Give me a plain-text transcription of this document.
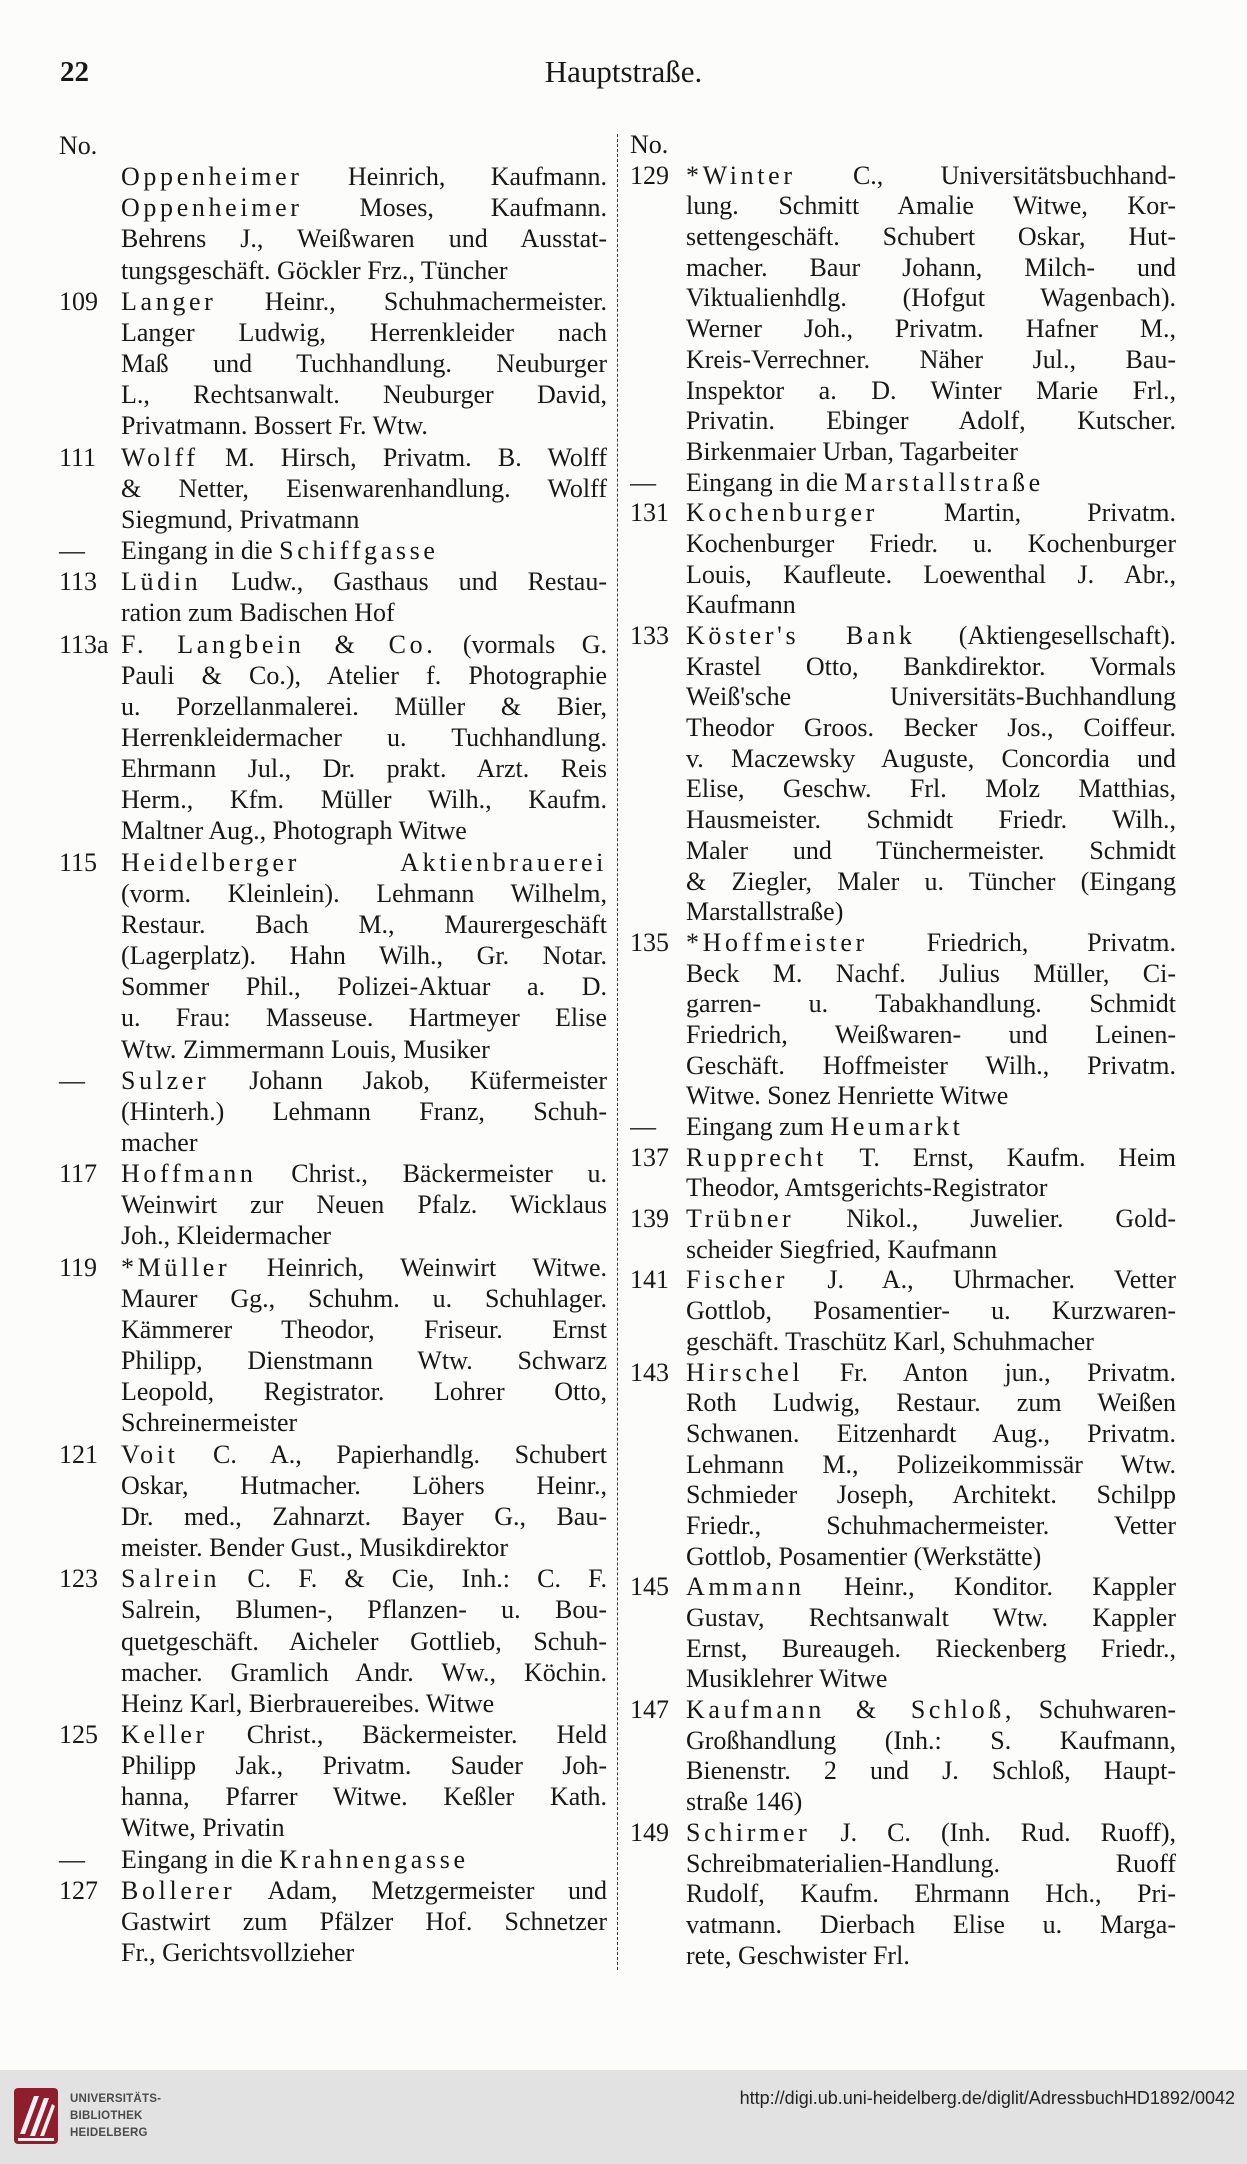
22	Hauptstraße.
No.
Oppenheimer Heinrich, Kaufmann.
Oppenheimer Moses, Kaufmann.
Behrens J., Weißwaren und Ausstat-
tungsgeschäft. Göckler Frz., Tüncher
109 Langer Heinr., Schuhmachermeister.
Langer Ludwig, Herrenkleider nach
Maß und Tuchhandlung. Neuburger
L., Rechtsanwalt. Neuburger David,
Privatmann. Bossert Fr. Wtw.
111 Wolff M. Hirsch, Privatm. B. Wolff
& Netter, Eisenwarenhandlung. Wolff
Siegmund, Privatmann
—	Eingang in die Schiffgasse
113 Lüdin Ludw., Gasthaus und Restau-
ration zum Badischen Hof
113a F. Langbein & Co. (vormals G.
Pauli & Co.), Atelier f. Photographie
u. Porzellanmalerei. Müller & Bier,
Herrenkleidermacher u. Tuchhandlung.
Ehrmann Jul., Dr. prakt. Arzt. Reis
Herm., Kfm. Müller Wilh., Kaufm.
Maltner Aug., Photograph Witwe
115 Heidelberger Aktienbrauerei
(vorm. Kleinlein). Lehmann Wilhelm,
Restaur. Bach M., Maurergeschäft
(Lagerplatz). Hahn Wilh., Gr. Notar.
Sommer Phil., Polizei-Aktuar a. D.
u. Frau: Masseuse. Hartmeyer Elise
Wtw. Zimmermann Louis, Musiker
—	Sulzer Johann Jakob, Küfermeister
(Hinterh.) Lehmann Franz, Schuh-
macher
117 Hoffmann Christ., Bäckermeister u.
Weinwirt zur Neuen Pfalz. Wicklaus
Joh., Kleidermacher
119 *Müller Heinrich, Weinwirt Witwe.
Maurer Gg., Schuhm. u. Schuhlager.
Kämmerer Theodor, Friseur. Ernst
Philipp, Dienstmann Wtw. Schwarz
Leopold, Registrator. Lohrer Otto,
Schreinermeister
121 Voit C. A., Papierhandlg. Schubert
Oskar, Hutmacher. Löhers Heinr.,
Dr. med., Zahnarzt. Bayer G., Bau-
meister. Bender Gust., Musikdirektor
123 Salrein C. F. & Cie, Inh.: C. F.
Salrein, Blumen-, Pflanzen- u. Bou-
quetgeschäft. Aicheler Gottlieb, Schuh-
macher. Gramlich Andr. Ww., Köchin.
Heinz Karl, Bierbrauereibes. Witwe
125 Keller Christ., Bäckermeister. Held
Philipp Jak., Privatm. Sauder Joh-
hanna, Pfarrer Witwe. Keßler Kath.
Witwe, Privatin
—	Eingang in die Krahnengasse
127 Bollerer Adam, Metzgermeister und
Gastwirt zum Pfälzer Hof. Schnetzer
Fr., Gerichtsvollzieher
No.
129 *Winter C., Universitätsbuchhand-
lung. Schmitt Amalie Witwe, Kor-
settengeschäft. Schubert Oskar, Hut-
macher. Baur Johann, Milch- und
Viktualienhdlg. (Hofgut Wagenbach).
Werner Joh., Privatm. Hafner M.,
Kreis-Verrechner. Näher Jul., Bau-
Inspektor a. D. Winter Marie Frl.,
Privatin. Ebinger Adolf, Kutscher.
Birkenmaier Urban, Tagarbeiter
—	Eingang in die Marstallstraße
131 Kochenburger Martin, Privatm.
Kochenburger Friedr. u. Kochenburger
Louis, Kaufleute. Loewenthal J. Abr.,
Kaufmann
133 Köster's Bank (Aktiengesellschaft).
Krastel Otto, Bankdirektor. Vormals
Weiß'sche Universitäts-Buchhandlung
Theodor Groos. Becker Jos., Coiffeur.
v. Maczewsky Auguste, Concordia und
Elise, Geschw. Frl. Molz Matthias,
Hausmeister. Schmidt Friedr. Wilh.,
Maler und Tünchermeister. Schmidt
& Ziegler, Maler u. Tüncher (Eingang
Marstallstraße)
135 *Hoffmeister Friedrich, Privatm.
Beck M. Nachf. Julius Müller, Ci-
garren- u. Tabakhandlung. Schmidt
Friedrich, Weißwaren- und Leinen-
Geschäft. Hoffmeister Wilh., Privatm.
Witwe. Sonez Henriette Witwe
—	Eingang zum Heumarkt
137 Rupprecht T. Ernst, Kaufm. Heim
Theodor, Amtsgerichts-Registrator
139 Trübner Nikol., Juwelier. Gold-
scheider Siegfried, Kaufmann
141 Fischer J. A., Uhrmacher. Vetter
Gottlob, Posamentier- u. Kurzwaren-
geschäft. Traschütz Karl, Schuhmacher
143 Hirschel Fr. Anton jun., Privatm.
Roth Ludwig, Restaur. zum Weißen
Schwanen. Eitzenhardt Aug., Privatm.
Lehmann M., Polizeikommissär Wtw.
Schmieder Joseph, Architekt. Schilpp
Friedr., Schuhmachermeister. Vetter
Gottlob, Posamentier (Werkstätte)
145 Ammann Heinr., Konditor. Kappler
Gustav, Rechtsanwalt Wtw. Kappler
Ernst, Bureaugeh. Rieckenberg Friedr.,
Musiklehrer Witwe
147 Kaufmann & Schloß, Schuhwaren-
Großhandlung (Inh.: S. Kaufmann,
Bienenstr. 2 und J. Schloß, Haupt-
straße 146)
149 Schirmer J. C. (Inh. Rud. Ruoff),
Schreibmaterialien-Handlung. Ruoff
Rudolf, Kaufm. Ehrmann Hch., Pri-
vatmann. Dierbach Elise u. Marga-
rete, Geschwister Frl.
UNIVERSITÄTS-
BIBLIOTHEK
HEIDELBERG
http://digi.ub.uni-heidelberg.de/diglit/AdressbuchHD1892/0042
